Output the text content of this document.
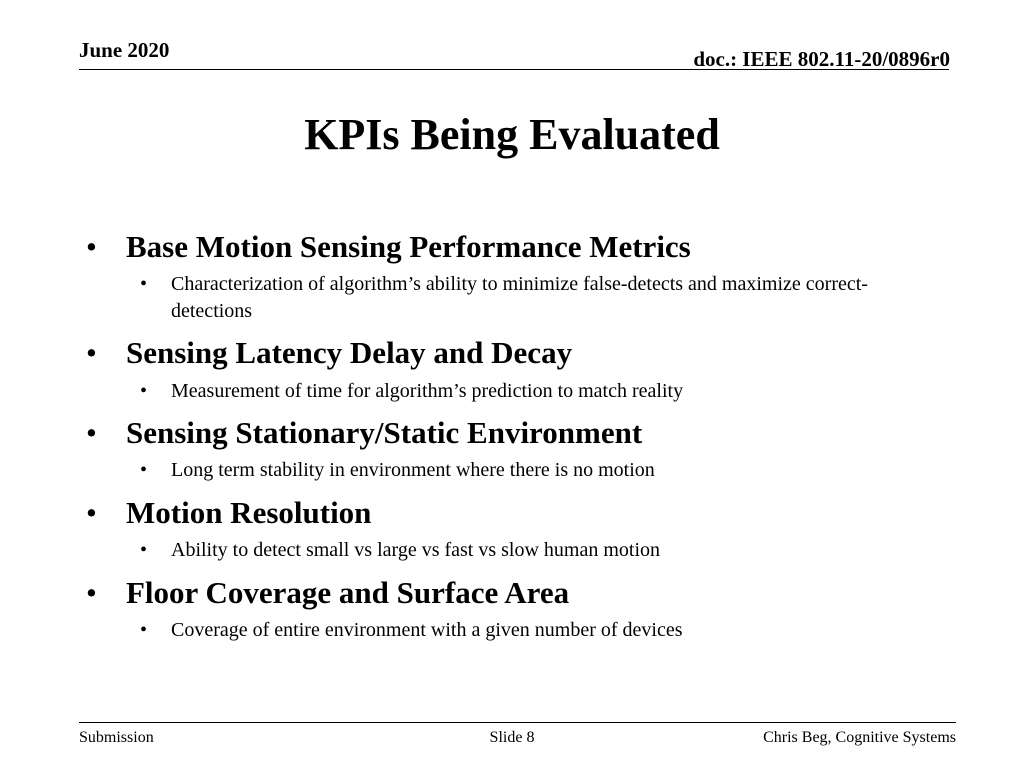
June 2020	doc.: IEEE 802.11-20/0896r0
KPIs Being Evaluated
• Base Motion Sensing Performance Metrics
• Characterization of algorithm’s ability to minimize false-detects and maximize correct-detections
• Sensing Latency Delay and Decay
• Measurement of time for algorithm’s prediction to match reality
• Sensing Stationary/Static Environment
• Long term stability in environment where there is no motion
• Motion Resolution
• Ability to detect small vs large vs fast vs slow human motion
• Floor Coverage and Surface Area
• Coverage of entire environment with a given number of devices
Submission	Slide 8	Chris Beg, Cognitive Systems
